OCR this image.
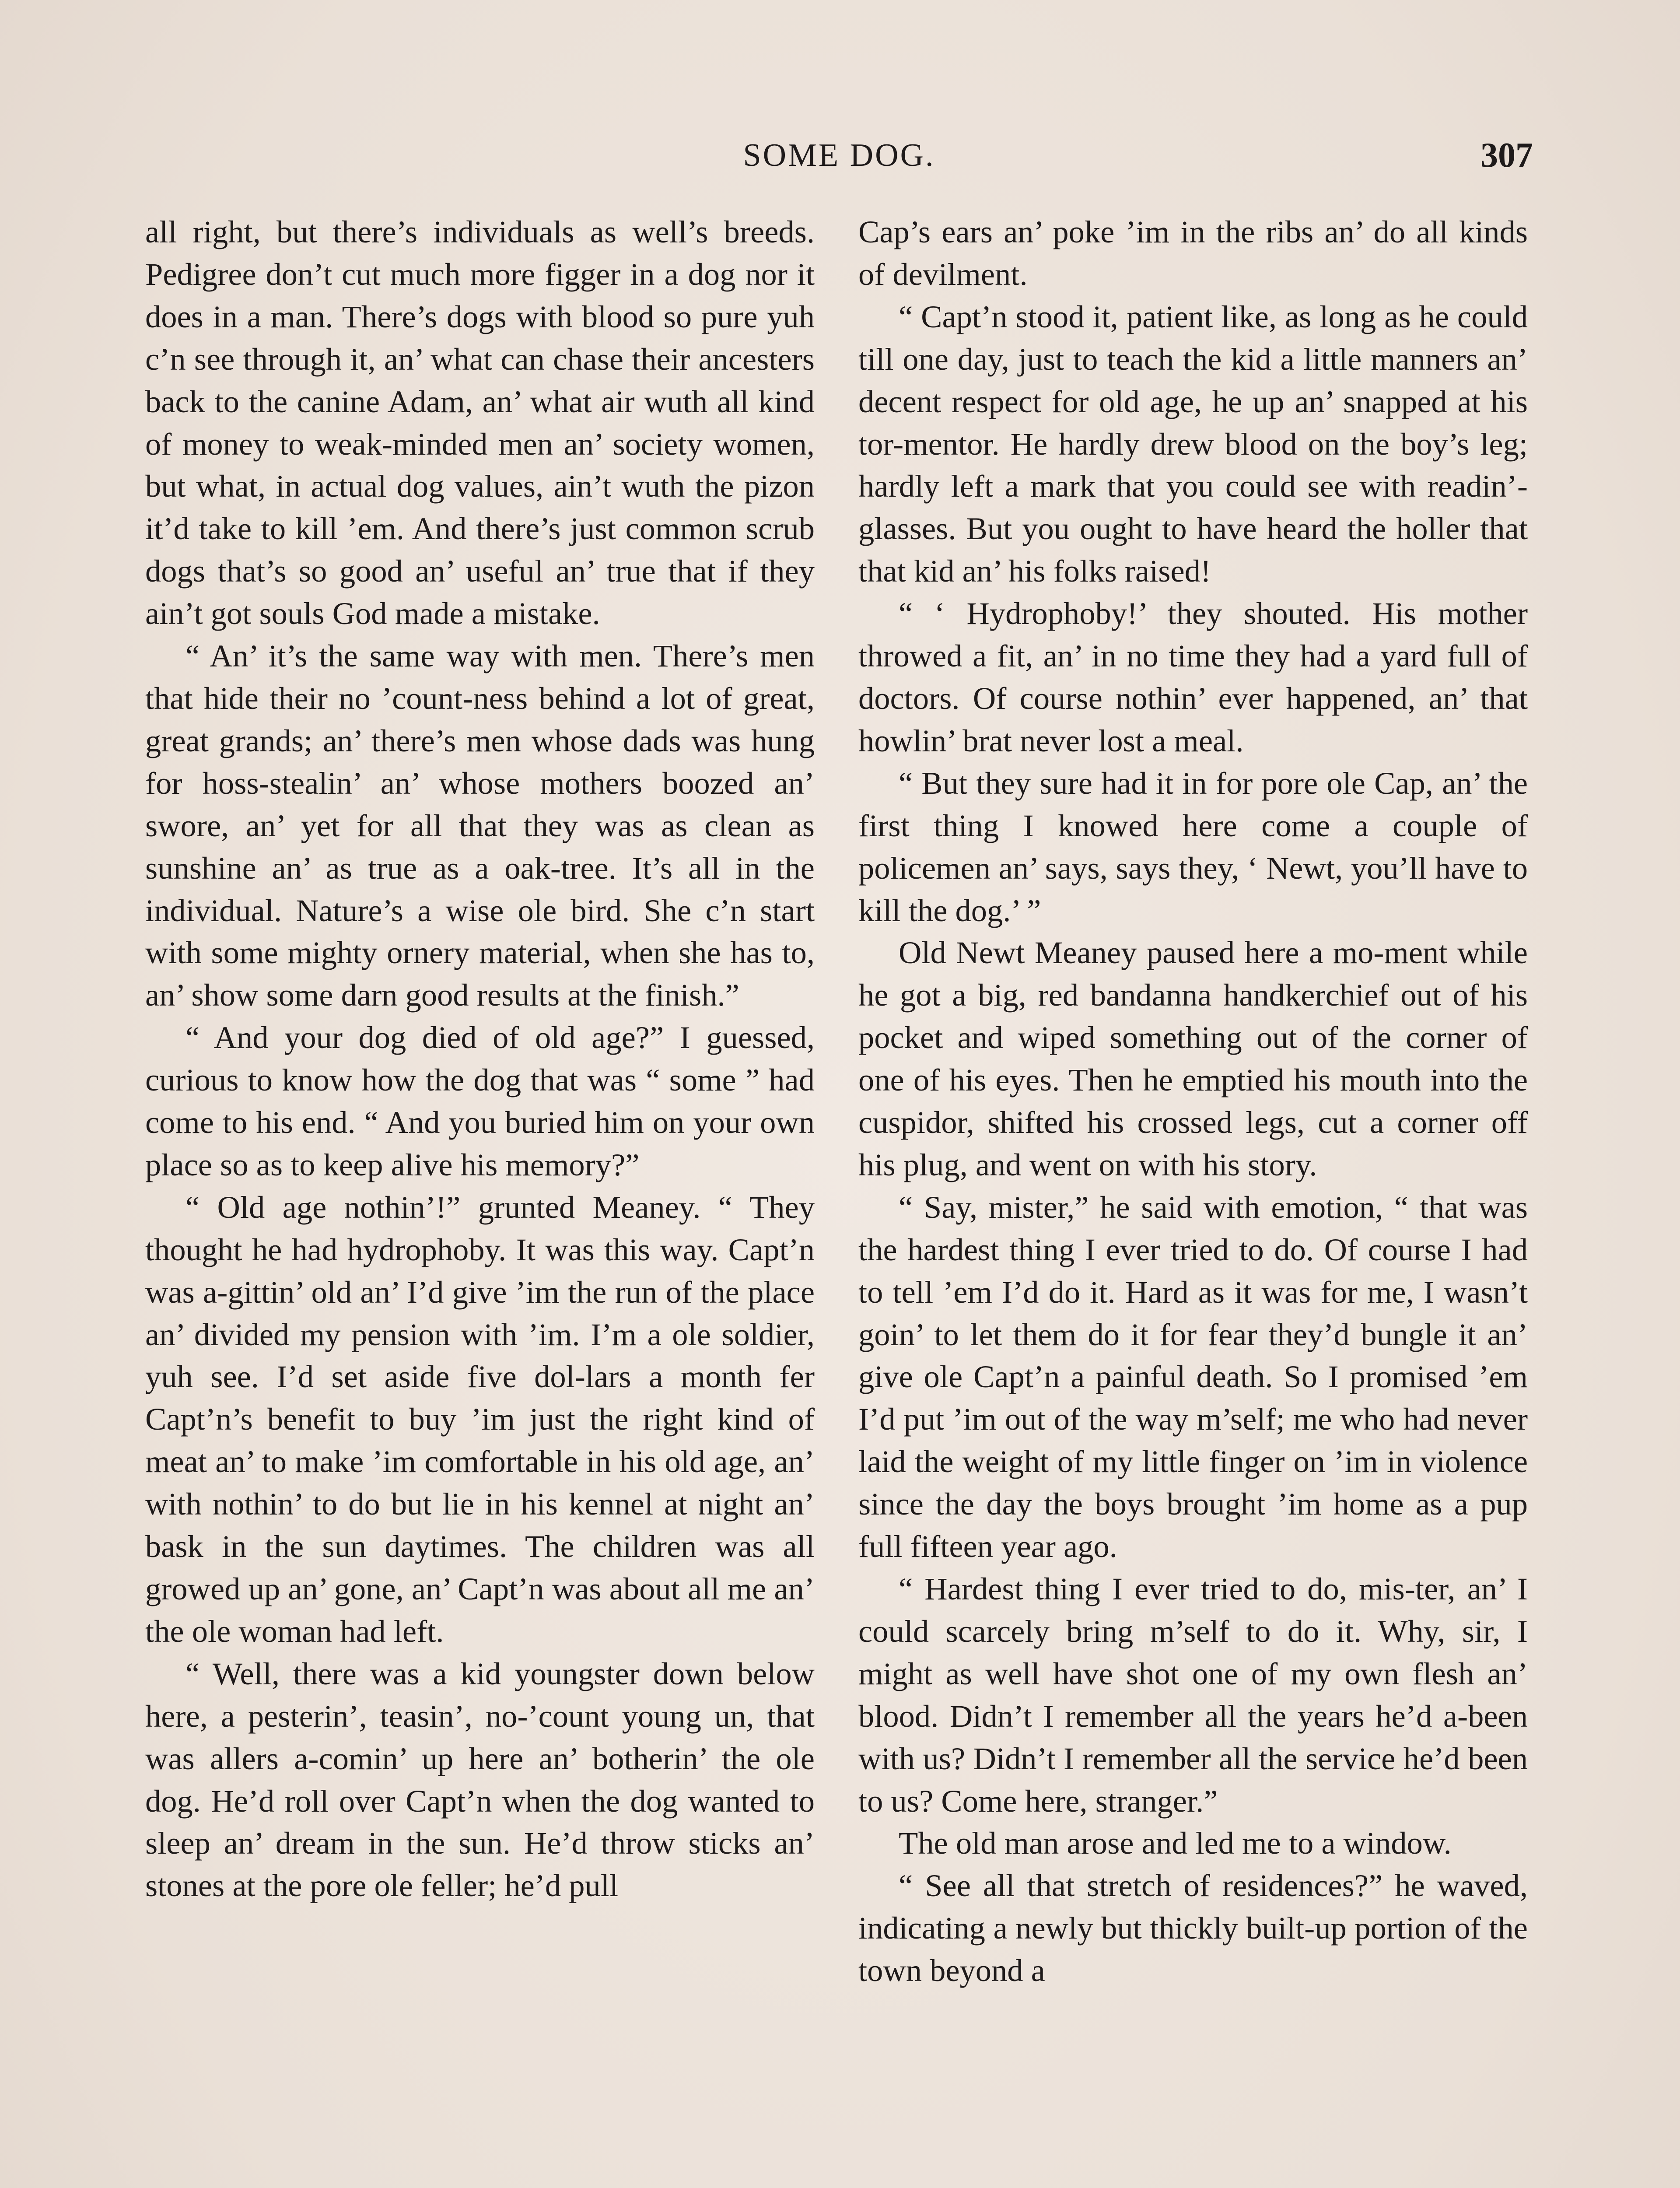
SOME DOG.	307

all right, but there’s individuals as well’s breeds. Pedigree don’t cut much more figger in a dog nor it does in a man. There’s dogs with blood so pure yuh c’n see through it, an’ what can chase their ancesters back to the canine Adam, an’ what air wuth all kind of money to weak-minded men an’ society women, but what, in actual dog values, ain’t wuth the pizon it’d take to kill ’em. And there’s just common scrub dogs that’s so good an’ useful an’ true that if they ain’t got souls God made a mistake.

“ An’ it’s the same way with men. There’s men that hide their no ’count-ness behind a lot of great, great grands; an’ there’s men whose dads was hung for hoss-stealin’ an’ whose mothers boozed an’ swore, an’ yet for all that they was as clean as sunshine an’ as true as a oak-tree. It’s all in the individual. Nature’s a wise ole bird. She c’n start with some mighty ornery material, when she has to, an’ show some darn good results at the finish.”

“ And your dog died of old age?” I guessed, curious to know how the dog that was “ some ” had come to his end. “ And you buried him on your own place so as to keep alive his memory?”

“ Old age nothin’!” grunted Meaney. “ They thought he had hydrophoby. It was this way. Capt’n was a-gittin’ old an’ I’d give ’im the run of the place an’ divided my pension with ’im. I’m a ole soldier, yuh see. I’d set aside five dol-lars a month fer Capt’n’s benefit to buy ’im just the right kind of meat an’ to make ’im comfortable in his old age, an’ with nothin’ to do but lie in his kennel at night an’ bask in the sun daytimes. The children was all growed up an’ gone, an’ Capt’n was about all me an’ the ole woman had left.

“ Well, there was a kid youngster down below here, a pesterin’, teasin’, no-’count young un, that was allers a-comin’ up here an’ botherin’ the ole dog. He’d roll over Capt’n when the dog wanted to sleep an’ dream in the sun. He’d throw sticks an’ stones at the pore ole feller; he’d pull

Cap’s ears an’ poke ’im in the ribs an’ do all kinds of devilment.

“ Capt’n stood it, patient like, as long as he could till one day, just to teach the kid a little manners an’ decent respect for old age, he up an’ snapped at his tor-mentor. He hardly drew blood on the boy’s leg; hardly left a mark that you could see with readin’-glasses. But you ought to have heard the holler that that kid an’ his folks raised!

“ ‘ Hydrophoby!’ they shouted. His mother throwed a fit, an’ in no time they had a yard full of doctors. Of course nothin’ ever happened, an’ that howlin’ brat never lost a meal.

“ But they sure had it in for pore ole Cap, an’ the first thing I knowed here come a couple of policemen an’ says, says they, ‘ Newt, you’ll have to kill the dog.’ ”

Old Newt Meaney paused here a mo-ment while he got a big, red bandanna handkerchief out of his pocket and wiped something out of the corner of one of his eyes. Then he emptied his mouth into the cuspidor, shifted his crossed legs, cut a corner off his plug, and went on with his story.

“ Say, mister,” he said with emotion, “ that was the hardest thing I ever tried to do. Of course I had to tell ’em I’d do it. Hard as it was for me, I wasn’t goin’ to let them do it for fear they’d bungle it an’ give ole Capt’n a painful death. So I promised ’em I’d put ’im out of the way m’self; me who had never laid the weight of my little finger on ’im in violence since the day the boys brought ’im home as a pup full fifteen year ago.

“ Hardest thing I ever tried to do, mis-ter, an’ I could scarcely bring m’self to do it. Why, sir, I might as well have shot one of my own flesh an’ blood. Didn’t I remember all the years he’d a-been with us? Didn’t I remember all the service he’d been to us? Come here, stranger.”

The old man arose and led me to a window.

“ See all that stretch of residences?” he waved, indicating a newly but thickly built-up portion of the town beyond a
